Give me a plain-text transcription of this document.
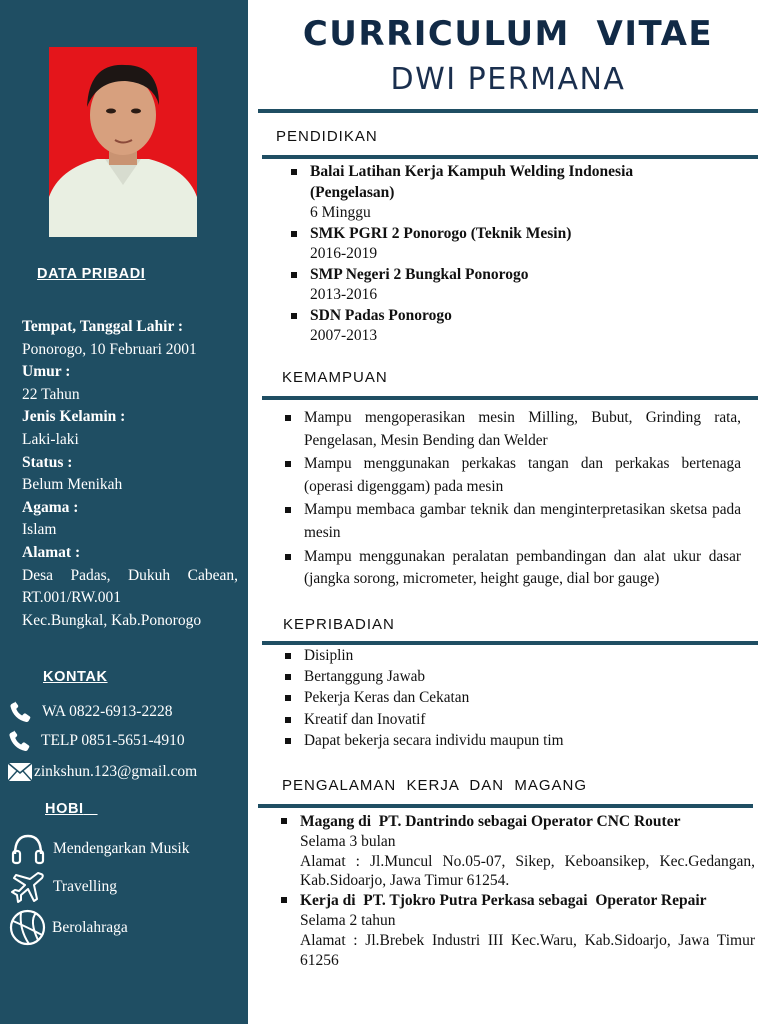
DATA PRIBADI
Tempat, Tanggal Lahir :
Ponorogo, 10 Februari 2001
Umur :
22 Tahun
Jenis Kelamin :
Laki-laki
Status :
Belum Menikah
Agama :
Islam
Alamat :
Desa Padas, Dukuh Cabean,
RT.001/RW.001
Kec.Bungkal, Kab.Ponorogo
KONTAK
WA 0822-6913-2228
TELP 0851-5651-4910
zinkshun.123@gmail.com
HOBI
Mendengarkan Musik
Travelling
Berolahraga
CURRICULUM  VITAE
DWI PERMANA
PENDIDIKAN
Balai Latihan Kerja Kampuh Welding Indonesia (Pengelasan)
6 Minggu
SMK PGRI 2 Ponorogo (Teknik Mesin)
2016-2019
SMP Negeri 2 Bungkal Ponorogo
2013-2016
SDN Padas Ponorogo
2007-2013
KEMAMPUAN
Mampu mengoperasikan mesin Milling, Bubut, Grinding rata, Pengelasan, Mesin Bending dan Welder
Mampu menggunakan perkakas tangan dan perkakas bertenaga (operasi digenggam) pada mesin
Mampu membaca gambar teknik dan menginterpretasikan sketsa pada mesin
Mampu menggunakan peralatan pembandingan dan alat ukur dasar (jangka sorong, micrometer, height gauge, dial bor gauge)
KEPRIBADIAN
Disiplin
Bertanggung Jawab
Pekerja Keras dan Cekatan
Kreatif dan Inovatif
Dapat bekerja secara individu maupun tim
PENGALAMAN  KERJA  DAN  MAGANG
Magang di  PT. Dantrindo sebagai Operator CNC Router
Selama 3 bulan
Alamat : Jl.Muncul No.05-07, Sikep, Keboansikep, Kec.Gedangan, Kab.Sidoarjo, Jawa Timur 61254.
Kerja di  PT. Tjokro Putra Perkasa sebagai  Operator Repair
Selama 2 tahun
Alamat : Jl.Brebek Industri III Kec.Waru, Kab.Sidoarjo, Jawa Timur 61256
